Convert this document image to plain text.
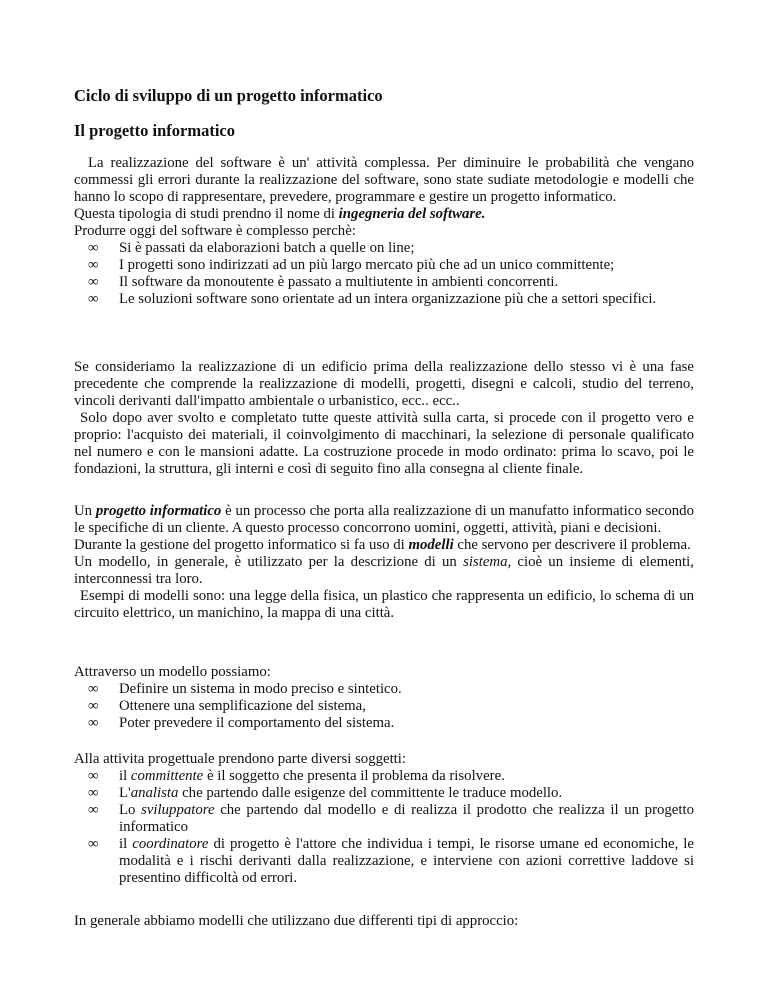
Ciclo di sviluppo di un progetto informatico
Il progetto informatico

La realizzazione del software è un' attività complessa. Per diminuire le probabilità che vengano commessi gli errori durante la realizzazione del software, sono state sudiate metodologie e modelli che hanno lo scopo di rappresentare, prevedere, programmare e gestire un progetto informatico.

Questa tipologia di studi prendno il nome di ingegneria del software.

Produrre oggi del software è complesso perchè:

∞	Si è passati da elaborazioni batch a quelle on line;
∞	I progetti sono indirizzati ad un più largo mercato più che ad un unico committente;
∞	Il software da monoutente è passato a multiutente in ambienti concorrenti.
∞	Le soluzioni software sono orientate ad un intera organizzazione più che a settori specifici.

Se consideriamo la realizzazione di un edificio prima della realizzazione dello stesso vi è una fase precedente che comprende la realizzazione di modelli, progetti, disegni e calcoli, studio del terreno, vincoli derivanti dall'impatto ambientale o urbanistico, ecc.. ecc..

Solo dopo aver svolto e completato tutte queste attività sulla carta, si procede con il progetto vero e proprio: l'acquisto dei materiali, il coinvolgimento di macchinari, la selezione di personale qualificato nel numero e con le mansioni adatte. La costruzione procede in modo ordinato: prima lo scavo, poi le fondazioni, la struttura, gli interni e così di seguito fino alla consegna al cliente finale.

Un progetto informatico è un processo che porta alla realizzazione di un manufatto informatico secondo le specifiche di un cliente. A questo processo concorrono uomini, oggetti, attività, piani e decisioni.

Durante la gestione del progetto informatico si fa uso di modelli che servono per descrivere il problema.

Un modello, in generale, è utilizzato per la descrizione di un sistema, cioè un insieme di elementi, interconnessi tra loro.

Esempi di modelli sono: una legge della fisica, un plastico che rappresenta un edificio, lo schema di un circuito elettrico, un manichino, la mappa di una città.

Attraverso un modello possiamo:

∞	Definire un sistema in modo preciso e sintetico.
∞	Ottenere una semplificazione del sistema,
∞	Poter prevedere il comportamento del sistema.

Alla attivita progettuale prendono parte diversi soggetti:

∞	il committente è il soggetto che presenta il problema da risolvere.
∞	L'analista che partendo dalle esigenze del committente le traduce modello.
∞	Lo sviluppatore che partendo dal modello e di realizza il prodotto che realizza il un progetto informatico
∞	il coordinatore di progetto è l'attore che individua i tempi, le risorse umane ed economiche, le modalità e i rischi derivanti dalla realizzazione, e interviene con azioni correttive laddove si presentino difficoltà od errori.

In generale abbiamo modelli che utilizzano due differenti tipi di approccio:
